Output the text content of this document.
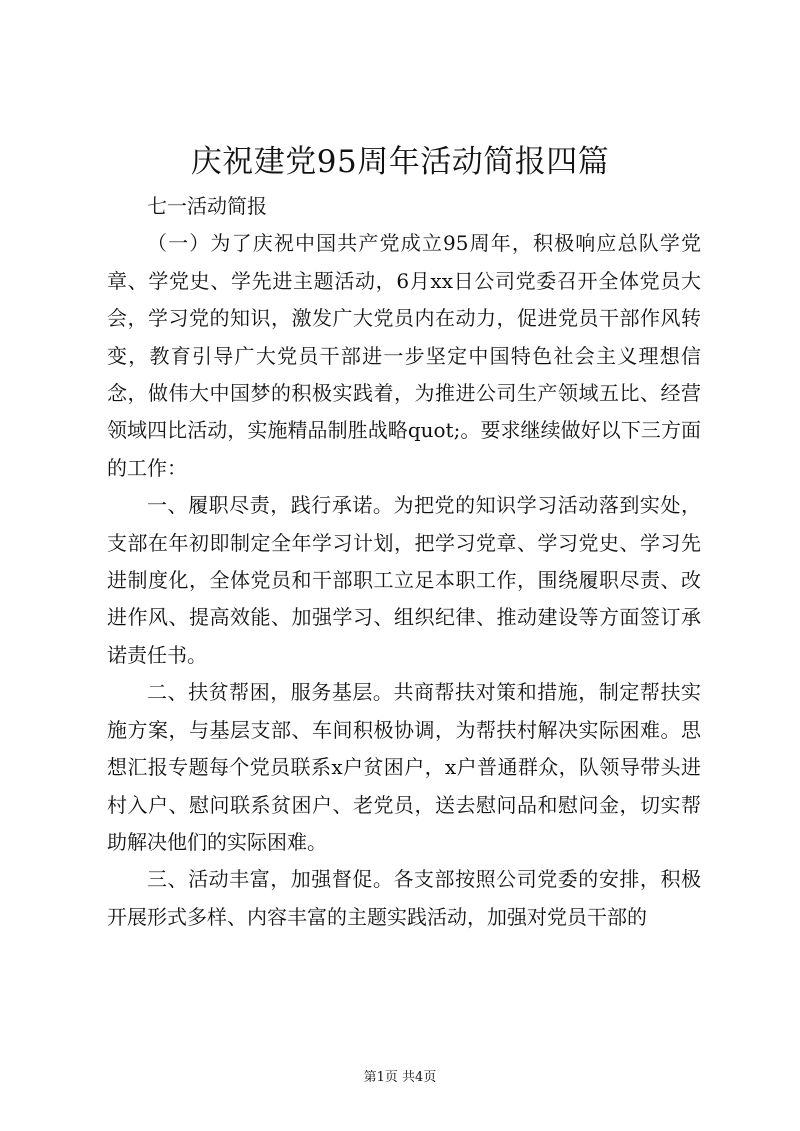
庆祝建党95周年活动简报四篇

七一活动简报

（一）为了庆祝中国共产党成立95周年，积极响应总队学党章、学党史、学先进主题活动，6月xx日公司党委召开全体党员大会，学习党的知识，激发广大党员内在动力，促进党员干部作风转变，教育引导广大党员干部进一步坚定中国特色社会主义理想信念，做伟大中国梦的积极实践着，为推进公司生产领域五比、经营领域四比活动，实施精品制胜战略quot;。要求继续做好以下三方面的工作：

一、履职尽责，践行承诺。为把党的知识学习活动落到实处，支部在年初即制定全年学习计划，把学习党章、学习党史、学习先进制度化，全体党员和干部职工立足本职工作，围绕履职尽责、改进作风、提高效能、加强学习、组织纪律、推动建设等方面签订承诺责任书。

二、扶贫帮困，服务基层。共商帮扶对策和措施，制定帮扶实施方案，与基层支部、车间积极协调，为帮扶村解决实际困难。思想汇报专题每个党员联系x户贫困户，x户普通群众，队领导带头进村入户、慰问联系贫困户、老党员，送去慰问品和慰问金，切实帮助解决他们的实际困难。

三、活动丰富，加强督促。各支部按照公司党委的安排，积极开展形式多样、内容丰富的主题实践活动，加强对党员干部的

第1页 共4页
